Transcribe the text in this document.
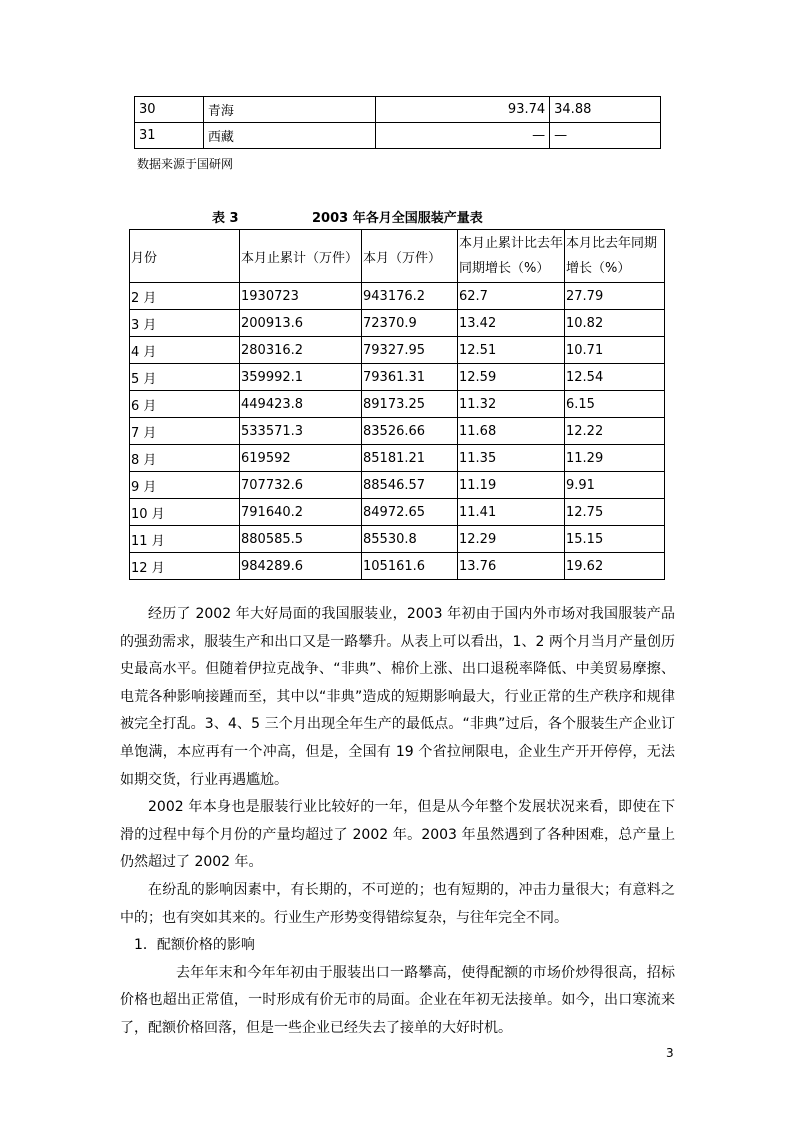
30	青海	93.74	34.88
31	西藏	—	—
数据来源于国研网
表 3	2003 年各月全国服装产量表
月份	本月止累计（万件）	本月（万件）	本月止累计比去年同期增长（%）	本月比去年同期增长（%）
2 月	1930723	943176.2	62.7	27.79
3 月	200913.6	72370.9	13.42	10.82
4 月	280316.2	79327.95	12.51	10.71
5 月	359992.1	79361.31	12.59	12.54
6 月	449423.8	89173.25	11.32	6.15
7 月	533571.3	83526.66	11.68	12.22
8 月	619592	85181.21	11.35	11.29
9 月	707732.6	88546.57	11.19	9.91
10 月	791640.2	84972.65	11.41	12.75
11 月	880585.5	85530.8	12.29	15.15
12 月	984289.6	105161.6	13.76	19.62

经历了 2002 年大好局面的我国服装业，2003 年初由于国内外市场对我国服装产品的强劲需求，服装生产和出口又是一路攀升。从表上可以看出，1、2 两个月当月产量创历史最高水平。但随着伊拉克战争、“非典”、棉价上涨、出口退税率降低、中美贸易摩擦、电荒各种影响接踵而至，其中以“非典”造成的短期影响最大，行业正常的生产秩序和规律被完全打乱。3、4、5 三个月出现全年生产的最低点。“非典”过后，各个服装生产企业订单饱满，本应再有一个冲高，但是，全国有 19 个省拉闸限电，企业生产开开停停，无法如期交货，行业再遇尴尬。

2002 年本身也是服装行业比较好的一年，但是从今年整个发展状况来看，即使在下滑的过程中每个月份的产量均超过了 2002 年。2003 年虽然遇到了各种困难，总产量上仍然超过了 2002 年。

在纷乱的影响因素中，有长期的，不可逆的；也有短期的，冲击力量很大；有意料之中的；也有突如其来的。行业生产形势变得错综复杂，与往年完全不同。

1．配额价格的影响

去年年末和今年年初由于服装出口一路攀高，使得配额的市场价炒得很高，招标价格也超出正常值，一时形成有价无市的局面。企业在年初无法接单。如今，出口寒流来了，配额价格回落，但是一些企业已经失去了接单的大好时机。

3
